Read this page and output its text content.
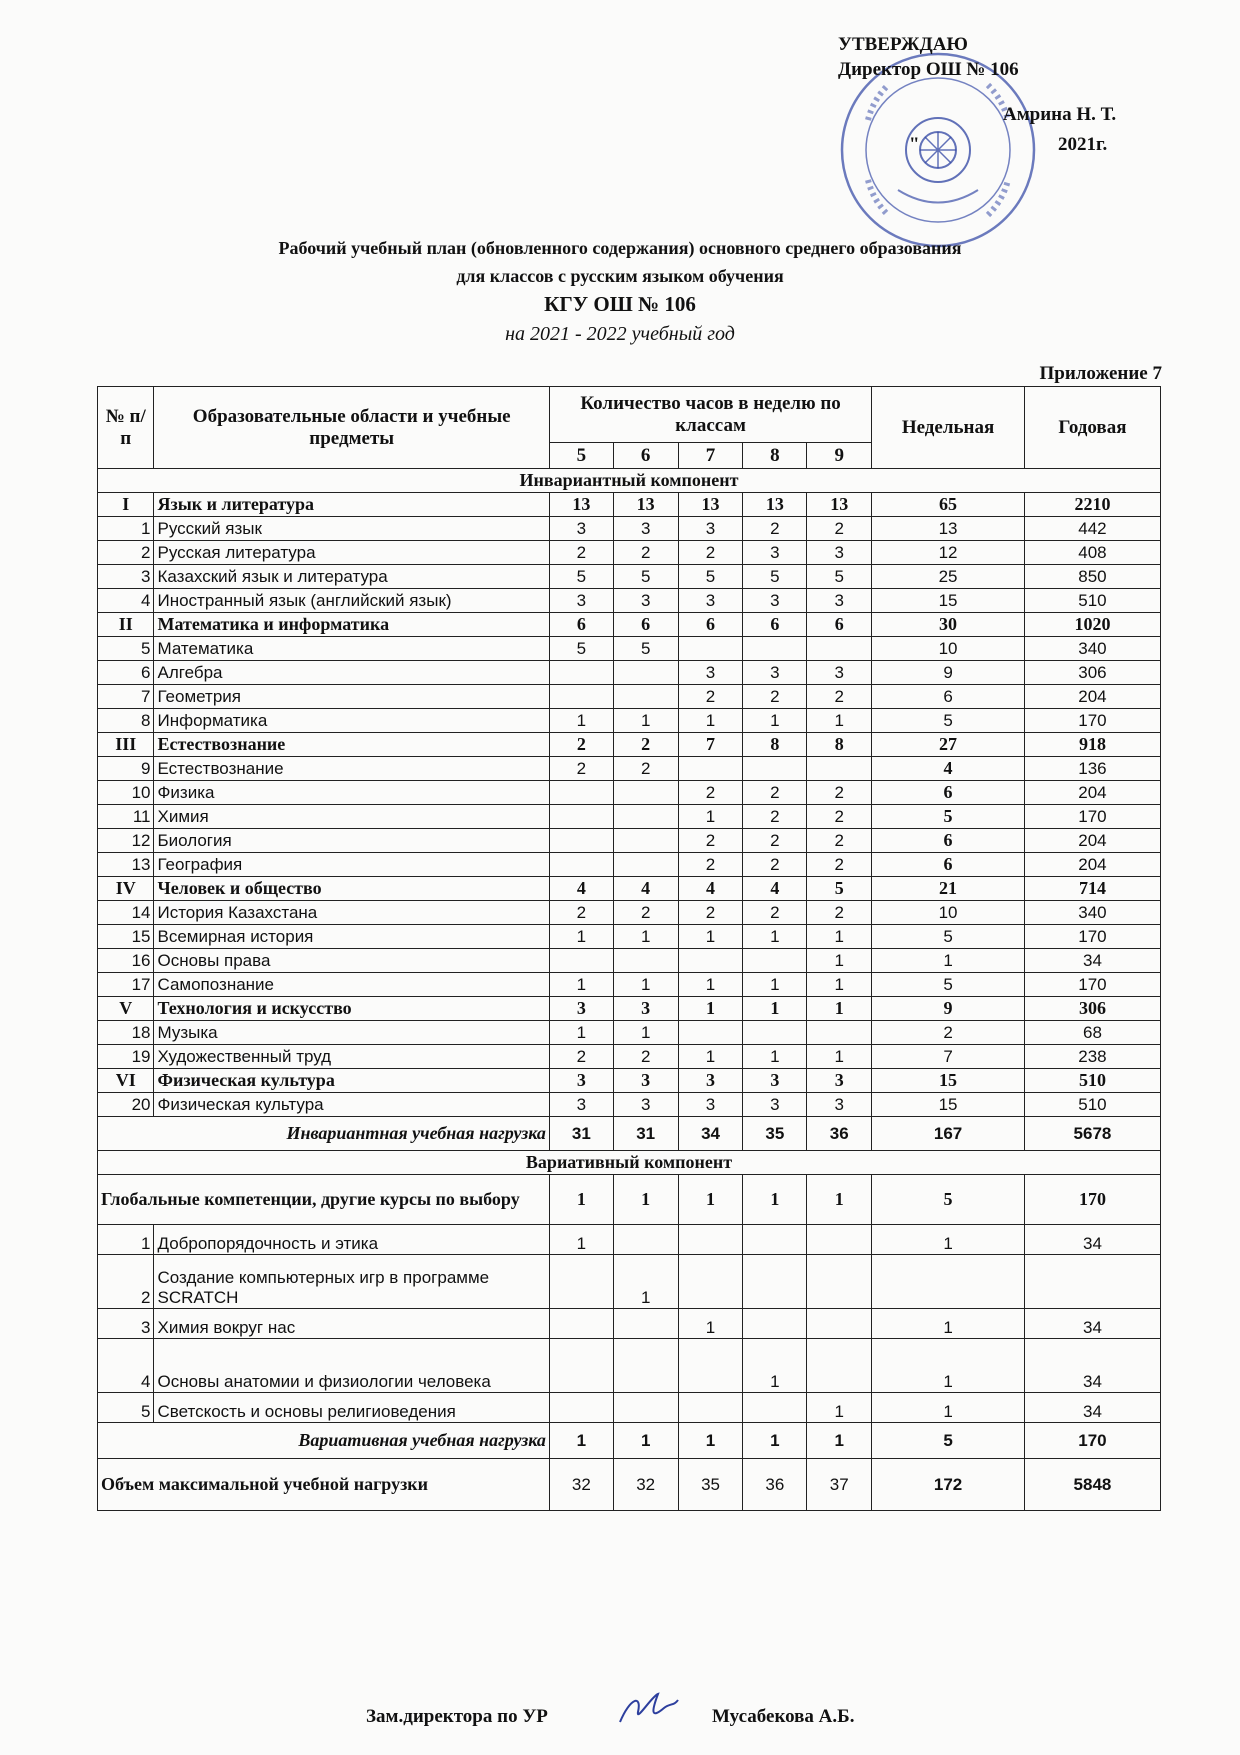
УТВЕРЖДАЮ
Директор ОШ № 106
Амрина Н. Т.
"	2021г.
Рабочий учебный план (обновленного содержания) основного среднего образования
для классов с русским языком обучения
КГУ ОШ № 106
на 2021 - 2022 учебный год
Приложение 7
№ п/п	Образовательные области и учебные предметы	Количество часов в неделю по классам					Недельная	Годовая
		5	6	7	8	9		
Инвариантный компонент								
I	Язык и литература	13	13	13	13	13	65	2210
1	Русский язык	3	3	3	2	2	13	442
2	Русская литература	2	2	2	3	3	12	408
3	Казахский язык и литература	5	5	5	5	5	25	850
4	Иностранный язык (английский язык)	3	3	3	3	3	15	510
II	Математика и информатика	6	6	6	6	6	30	1020
5	Математика	5	5				10	340
6	Алгебра			3	3	3	9	306
7	Геометрия			2	2	2	6	204
8	Информатика	1	1	1	1	1	5	170
III	Естествознание	2	2	7	8	8	27	918
9	Естествознание	2	2				4	136
10	Физика			2	2	2	6	204
11	Химия			1	2	2	5	170
12	Биология			2	2	2	6	204
13	География			2	2	2	6	204
IV	Человек и общество	4	4	4	4	5	21	714
14	История Казахстана	2	2	2	2	2	10	340
15	Всемирная история	1	1	1	1	1	5	170
16	Основы права					1	1	34
17	Самопознание	1	1	1	1	1	5	170
V	Технология и искусство	3	3	1	1	1	9	306
18	Музыка	1	1				2	68
19	Художественный труд	2	2	1	1	1	7	238
VI	Физическая культура	3	3	3	3	3	15	510
20	Физическая культура	3	3	3	3	3	15	510
Инвариантная учебная нагрузка		31	31	34	35	36	167	5678
Вариативный компонент								
Глобальные компетенции, другие курсы по выбору		1	1	1	1	1	5	170
1	Добропорядочность и этика	1					1	34
2	Создание компьютерных игр в программе SCRATCH		1					
3	Химия вокруг нас			1			1	34
4	Основы анатомии и физиологии человека				1		1	34
5	Светскость и основы религиоведения					1	1	34
Вариативная учебная нагрузка		1	1	1	1	1	5	170
Объем максимальной учебной нагрузки		32	32	35	36	37	172	5848
Зам.директора по УР	Мусабекова А.Б.
